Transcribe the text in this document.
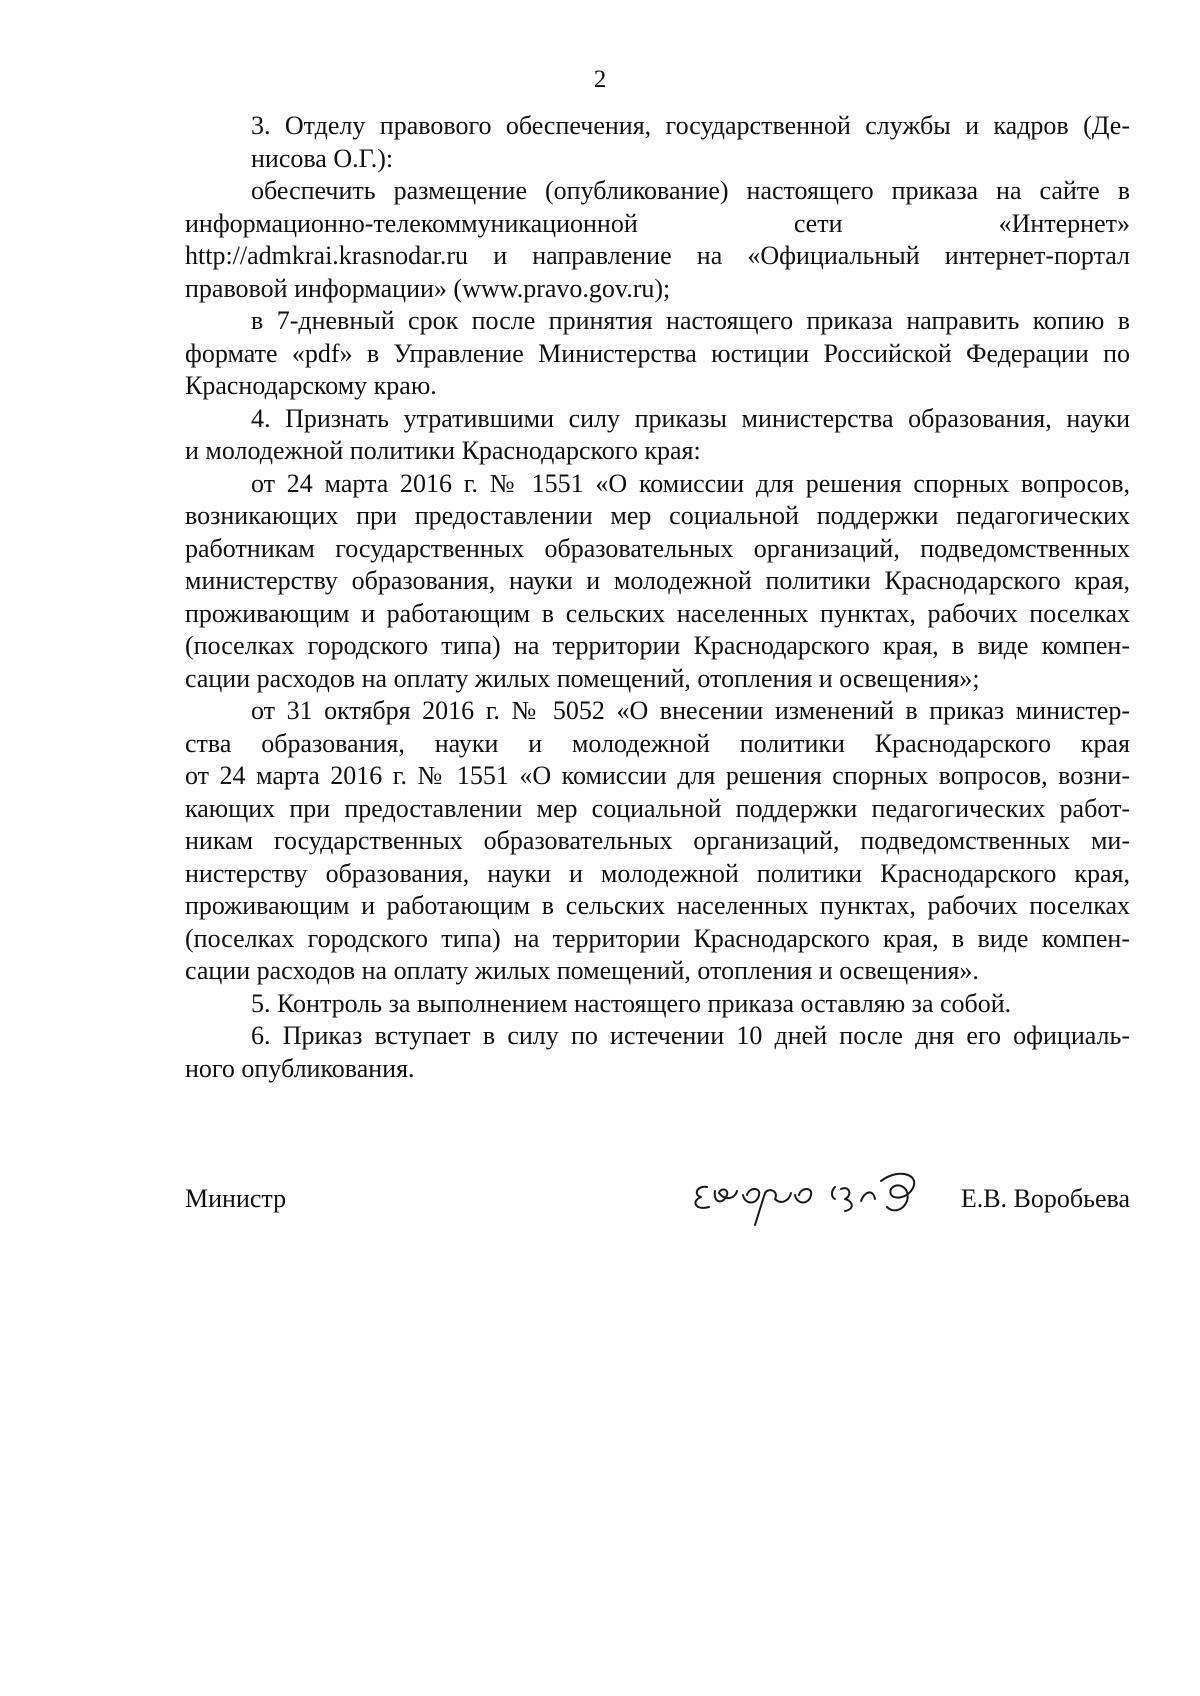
2

3. Отделу правового обеспечения, государственной службы и кадров (Де-
нисова О.Г.):

обеспечить размещение (опубликование) настоящего приказа на сайте в
информационно-телекоммуникационной сети «Интернет»
http://admkrai.krasnodar.ru и направление на «Официальный интернет-портал
правовой информации» (www.pravo.gov.ru);

в 7-дневный срок после принятия настоящего приказа направить копию в
формате «pdf» в Управление Министерства юстиции Российской Федерации по
Краснодарскому краю.

4. Признать утратившими силу приказы министерства образования, науки
и молодежной политики Краснодарского края:

от 24 марта 2016 г. № 1551 «О комиссии для решения спорных вопросов,
возникающих при предоставлении мер социальной поддержки педагогических
работникам государственных образовательных организаций, подведомственных
министерству образования, науки и молодежной политики Краснодарского края,
проживающим и работающим в сельских населенных пунктах, рабочих поселках
(поселках городского типа) на территории Краснодарского края, в виде компен-
сации расходов на оплату жилых помещений, отопления и освещения»;

от 31 октября 2016 г. № 5052 «О внесении изменений в приказ министер-
ства образования, науки и молодежной политики Краснодарского края
от 24 марта 2016 г. № 1551 «О комиссии для решения спорных вопросов, возни-
кающих при предоставлении мер социальной поддержки педагогических работ-
никам государственных образовательных организаций, подведомственных ми-
нистерству образования, науки и молодежной политики Краснодарского края,
проживающим и работающим в сельских населенных пунктах, рабочих поселках
(поселках городского типа) на территории Краснодарского края, в виде компен-
сации расходов на оплату жилых помещений, отопления и освещения».

5. Контроль за выполнением настоящего приказа оставляю за собой.

6. Приказ вступает в силу по истечении 10 дней после дня его официаль-
ного опубликования.

Министр	Е.В. Воробьева
